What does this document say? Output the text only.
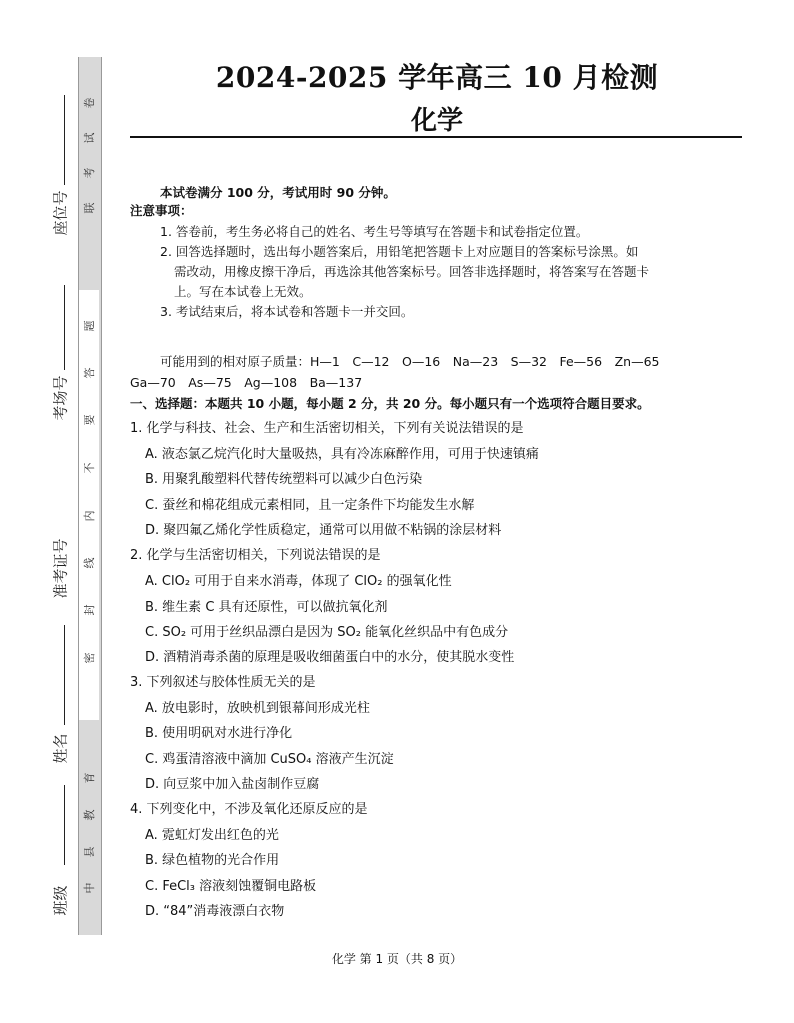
卷
试
考
联
题
答
要
不
内
线
封
密
育
教
县
中
座位号
考场号
准考证号
姓名
班级
2024-2025 学年高三 10 月检测
化学
本试卷满分 100 分，考试用时 90 分钟。
注意事项：
1. 答卷前，考生务必将自己的姓名、考生号等填写在答题卡和试卷指定位置。
2. 回答选择题时，选出每小题答案后，用铅笔把答题卡上对应题目的答案标号涂黑。如
需改动，用橡皮擦干净后，再选涂其他答案标号。回答非选择题时，将答案写在答题卡
上。写在本试卷上无效。
3. 考试结束后，将本试卷和答题卡一并交回。
可能用到的相对原子质量：H—1　C—12　O—16　Na—23　S—32　Fe—56　Zn—65
Ga—70　As—75　Ag—108　Ba—137
一、选择题：本题共 10 小题，每小题 2 分，共 20 分。每小题只有一个选项符合题目要求。
1. 化学与科技、社会、生产和生活密切相关，下列有关说法错误的是
A. 液态氯乙烷汽化时大量吸热，具有冷冻麻醉作用，可用于快速镇痛
B. 用聚乳酸塑料代替传统塑料可以减少白色污染
C. 蚕丝和棉花组成元素相同，且一定条件下均能发生水解
D. 聚四氟乙烯化学性质稳定，通常可以用做不粘锅的涂层材料
2. 化学与生活密切相关，下列说法错误的是
A. ClO₂ 可用于自来水消毒，体现了 ClO₂ 的强氧化性
B. 维生素 C 具有还原性，可以做抗氧化剂
C. SO₂ 可用于丝织品漂白是因为 SO₂ 能氧化丝织品中有色成分
D. 酒精消毒杀菌的原理是吸收细菌蛋白中的水分，使其脱水变性
3. 下列叙述与胶体性质无关的是
A. 放电影时，放映机到银幕间形成光柱
B. 使用明矾对水进行净化
C. 鸡蛋清溶液中滴加 CuSO₄ 溶液产生沉淀
D. 向豆浆中加入盐卤制作豆腐
4. 下列变化中，不涉及氧化还原反应的是
A. 霓虹灯发出红色的光
B. 绿色植物的光合作用
C. FeCl₃ 溶液刻蚀覆铜电路板
D. “84”消毒液漂白衣物
化学 第 1 页（共 8 页）
